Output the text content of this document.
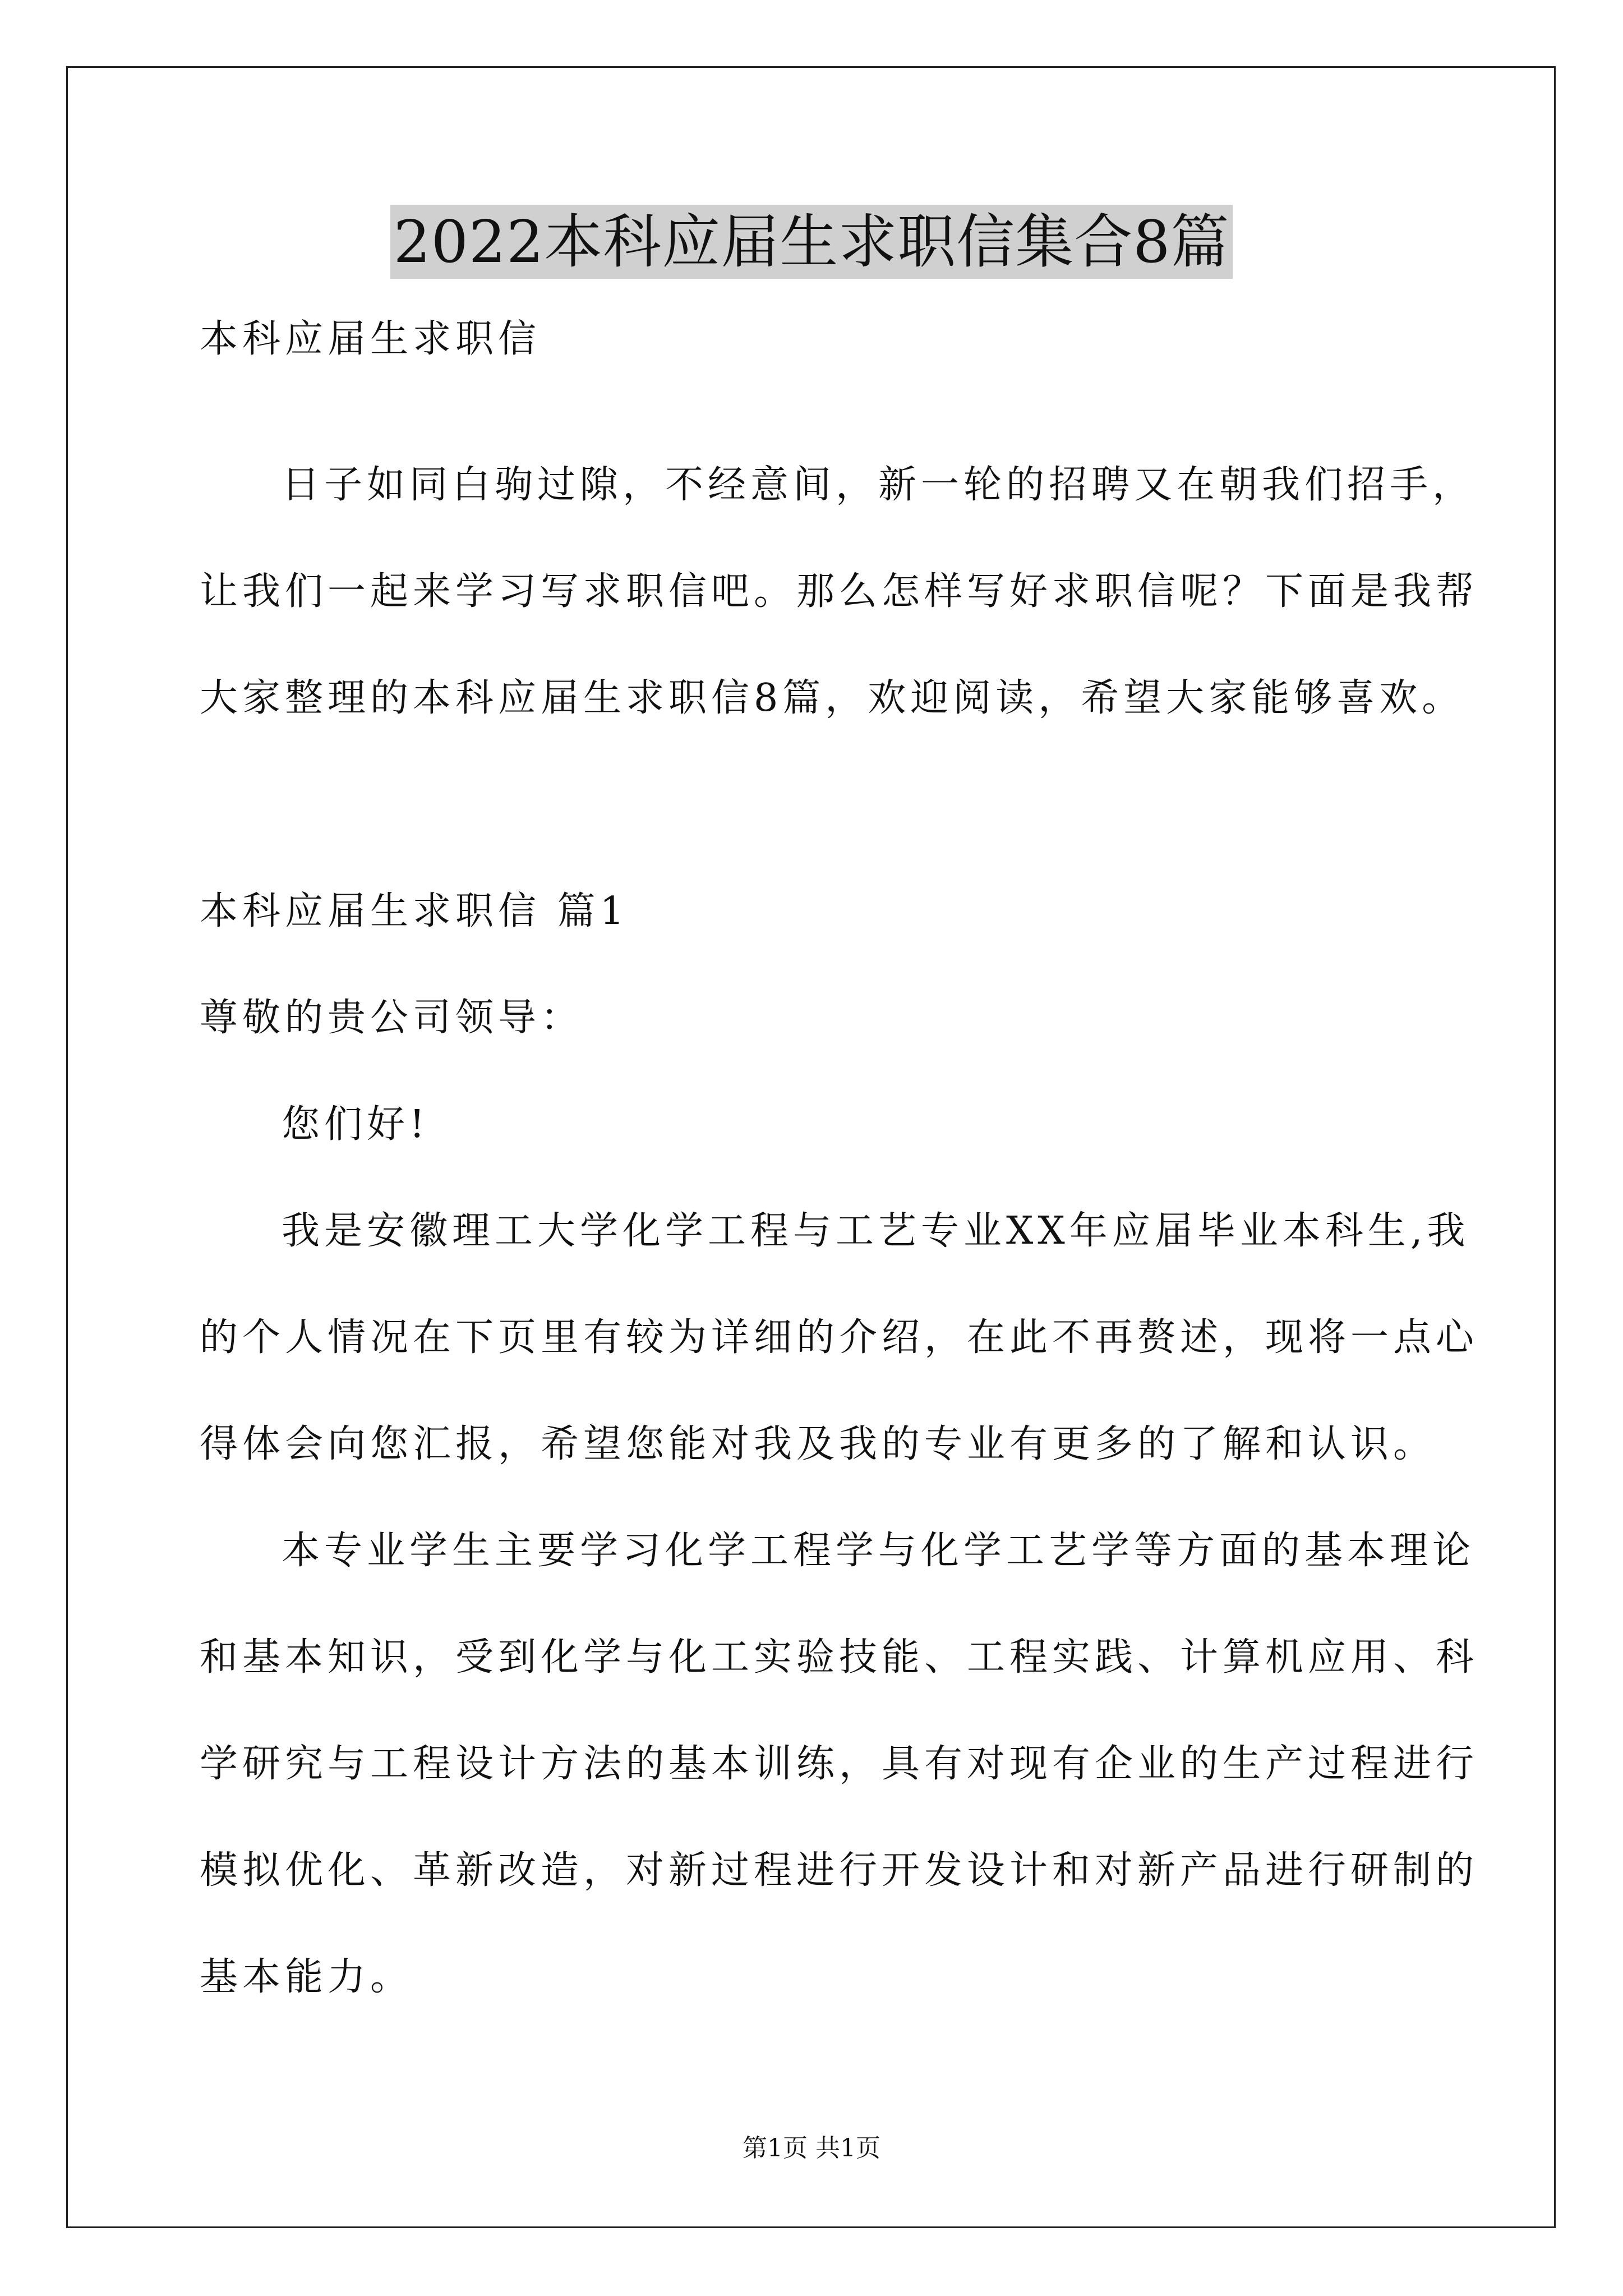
2022本科应届生求职信集合8篇
本科应届生求职信
日子如同白驹过隙，不经意间，新一轮的招聘又在朝我们招手，
让我们一起来学习写求职信吧。那么怎样写好求职信呢？下面是我帮
大家整理的本科应届生求职信8篇，欢迎阅读，希望大家能够喜欢。
本科应届生求职信 篇1
尊敬的贵公司领导：
您们好!
我是安徽理工大学化学工程与工艺专业XX年应届毕业本科生,我
的个人情况在下页里有较为详细的介绍，在此不再赘述，现将一点心
得体会向您汇报，希望您能对我及我的专业有更多的了解和认识。
本专业学生主要学习化学工程学与化学工艺学等方面的基本理论
和基本知识，受到化学与化工实验技能、工程实践、计算机应用、科
学研究与工程设计方法的基本训练，具有对现有企业的生产过程进行
模拟优化、革新改造，对新过程进行开发设计和对新产品进行研制的
基本能力。
第1页 共1页
